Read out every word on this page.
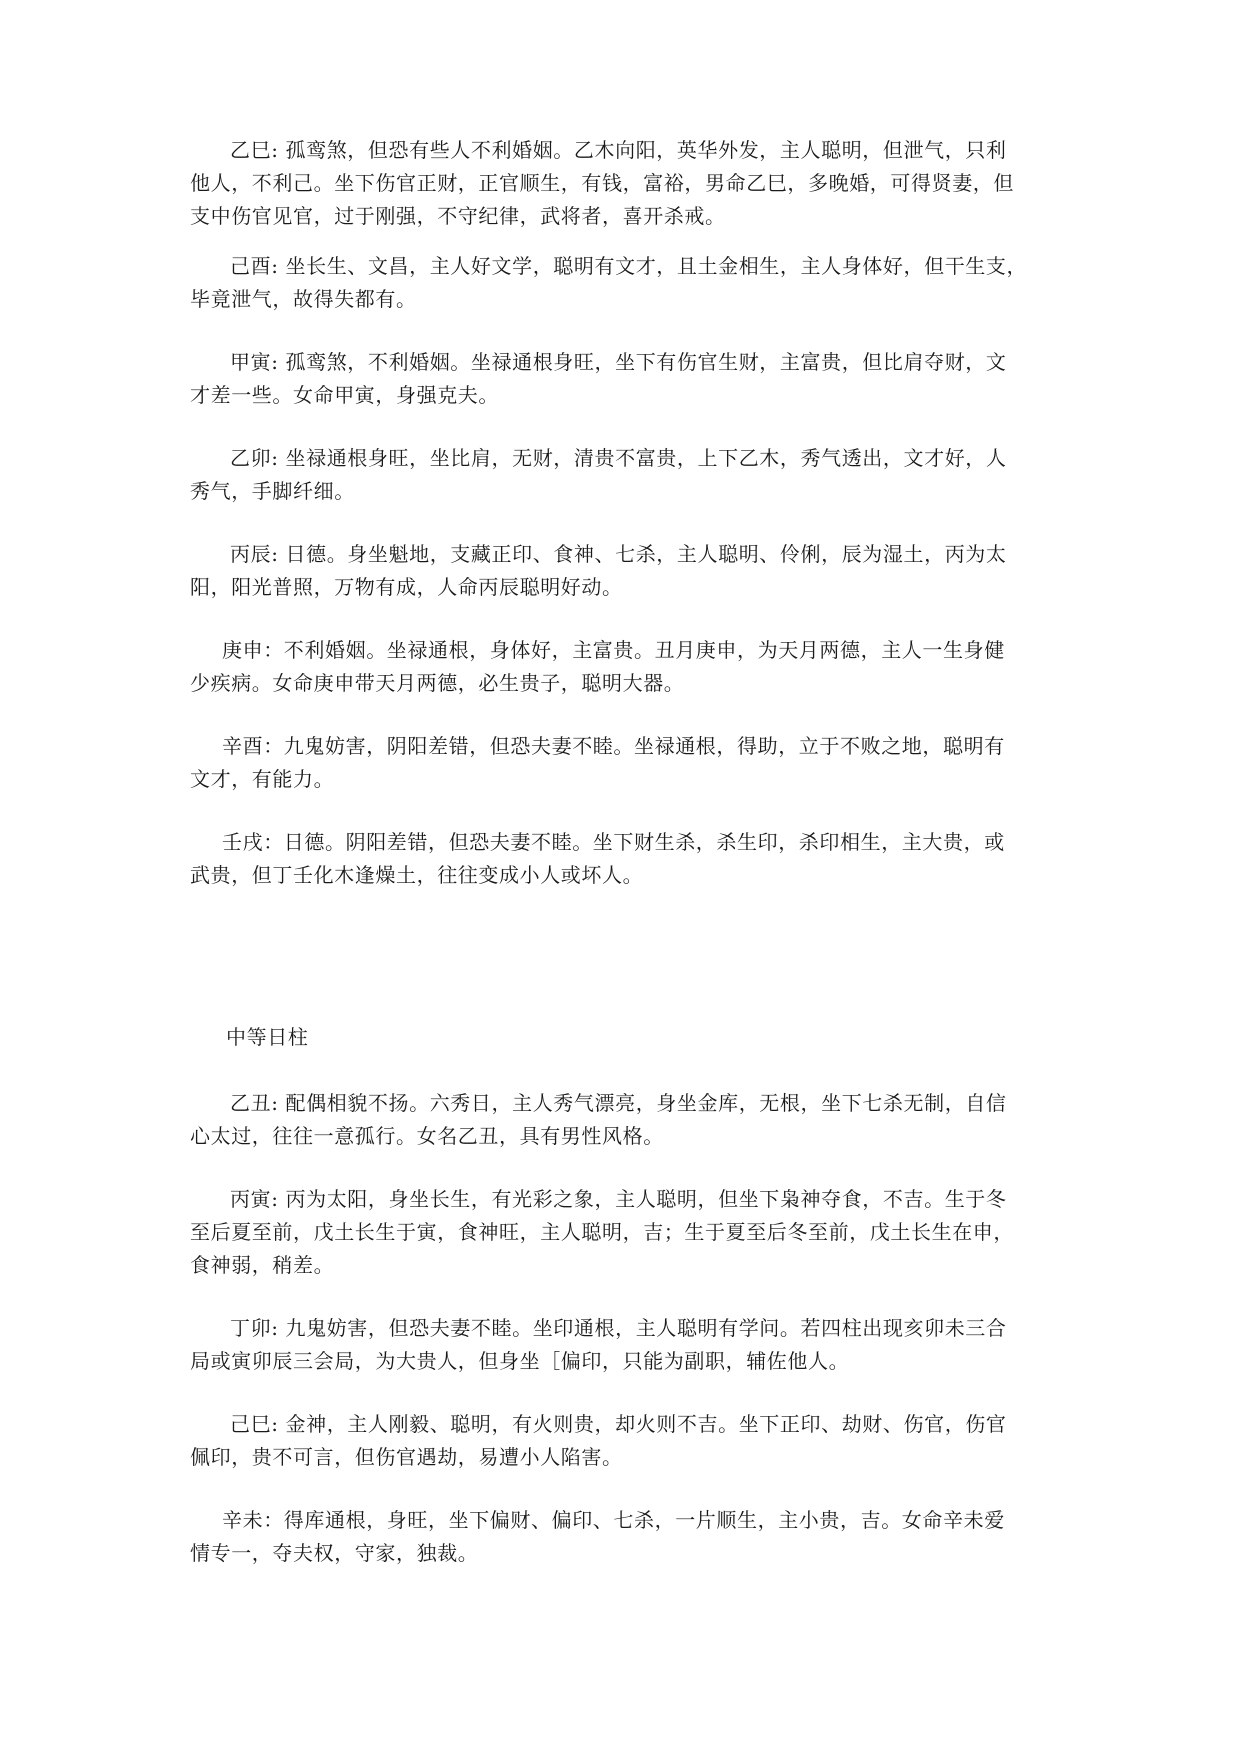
乙巳: 孤鸾煞，但恐有些人不利婚姻。乙木向阳，英华外发，主人聪明，但泄气，只利
他人，不利己。坐下伤官正财，正官顺生，有钱，富裕，男命乙巳，多晚婚，可得贤妻，但
支中伤官见官，过于刚强，不守纪律，武将者，喜开杀戒。

己酉: 坐长生、文昌，主人好文学，聪明有文才，且土金相生，主人身体好，但干生支，
毕竟泄气，故得失都有。

甲寅: 孤鸾煞，不利婚姻。坐禄通根身旺，坐下有伤官生财，主富贵，但比肩夺财，文
才差一些。女命甲寅，身强克夫。

乙卯: 坐禄通根身旺，坐比肩，无财，清贵不富贵，上下乙木，秀气透出，文才好，人
秀气，手脚纤细。

丙辰: 日德。身坐魁地，支藏正印、食神、七杀，主人聪明、伶俐，辰为湿土，丙为太
阳，阳光普照，万物有成，人命丙辰聪明好动。

庚申：不利婚姻。坐禄通根，身体好，主富贵。丑月庚申，为天月两德，主人一生身健
少疾病。女命庚申带天月两德，必生贵子，聪明大器。

辛酉：九鬼妨害，阴阳差错，但恐夫妻不睦。坐禄通根，得助，立于不败之地，聪明有
文才，有能力。

壬戌：日德。阴阳差错，但恐夫妻不睦。坐下财生杀，杀生印，杀印相生，主大贵，或
武贵，但丁壬化木逢燥土，往往变成小人或坏人。

中等日柱

乙丑: 配偶相貌不扬。六秀日，主人秀气漂亮，身坐金库，无根，坐下七杀无制，自信
心太过，往往一意孤行。女名乙丑，具有男性风格。

丙寅: 丙为太阳，身坐长生，有光彩之象，主人聪明，但坐下枭神夺食，不吉。生于冬
至后夏至前，戊土长生于寅，食神旺，主人聪明，吉；生于夏至后冬至前，戊土长生在申，
食神弱，稍差。

丁卯: 九鬼妨害，但恐夫妻不睦。坐印通根，主人聪明有学问。若四柱出现亥卯未三合
局或寅卯辰三会局，为大贵人，但身坐［偏印，只能为副职，辅佐他人。

己巳: 金神，主人刚毅、聪明，有火则贵，却火则不吉。坐下正印、劫财、伤官，伤官
佩印，贵不可言，但伤官遇劫，易遭小人陷害。

辛未：得库通根，身旺，坐下偏财、偏印、七杀，一片顺生，主小贵，吉。女命辛未爱
情专一，夺夫权，守家，独裁。
